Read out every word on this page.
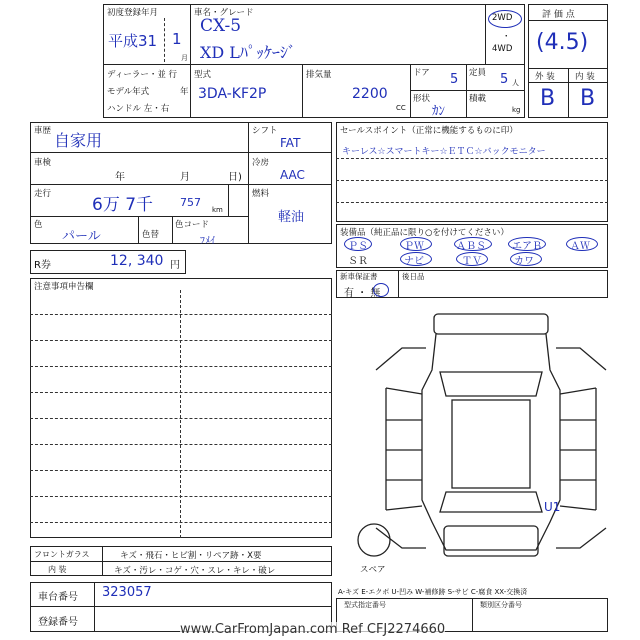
初度登録年月
平成31 1
月
車名・グレード
CX-5
XD Lﾊﾟｯｹｰｼﾞ
2WD
・
4WD
ディーラー・並 行
モデル年式	年
ハンドル 左・右
型式
3DA-KF2P
排気量
2200
CC
ドア 5 定員 5 人
形状
ｶﾝ
積載
kg
評 価 点
(4.5)
外 装 内 装
B B
車歴 自家用
車検
年	月	日)
走行
6万 7千 757
km
色
パール	色替
色コード
ﾌﾒｲ
シフト
FAT
冷房
AAC
燃料
軽油
R券	12, 340 円
注意事項申告欄
セールスポイント（正常に機能するものに印）
キーレス☆スマートキー☆ＥＴＣ☆バックモニター
装備品（純正品に限り○を付けてください）
ＰＳ	ＰＷ	ＡＢＳ	エアＢ	ＡＷ
ＳＲ	ナビ	ＴＶ	カワ
新車保証書
有 ・ 無
後日品
U1
スペア
フロントガラス	キズ・飛石・ヒビ割・リペア跡・X要
内 装	キズ・汚レ・コゲ・穴・スレ・キレ・破レ
車台番号 323057
登録番号
A-キズ E-エクボ U-凹み W-補修跡 S-サビ C-腐食 XX-交換済
型式指定番号	類別区分番号
www.CarFromJapan.com Ref CFJ2274660
